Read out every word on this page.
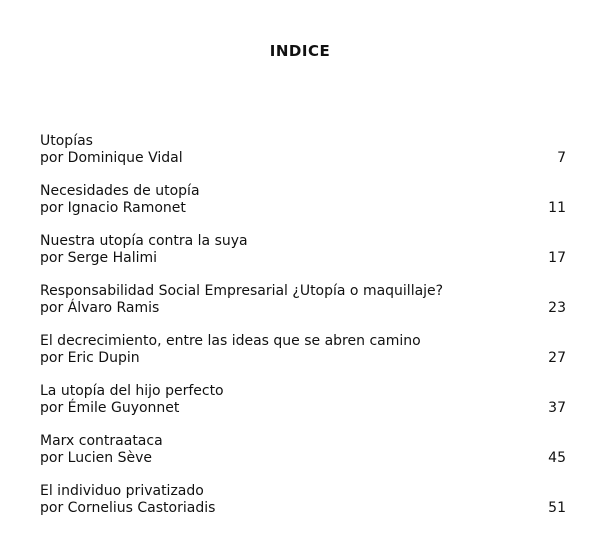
INDICE
Utopías
por Dominique Vidal	7
Necesidades de utopía
por Ignacio Ramonet	11
Nuestra utopía contra la suya
por Serge Halimi	17
Responsabilidad Social Empresarial ¿Utopía o maquillaje?
por Álvaro Ramis	23
El decrecimiento, entre las ideas que se abren camino
por Eric Dupin	27
La utopía del hijo perfecto
por Émile Guyonnet	37
Marx contraataca
por Lucien Sève	45
El individuo privatizado
por Cornelius Castoriadis	51
